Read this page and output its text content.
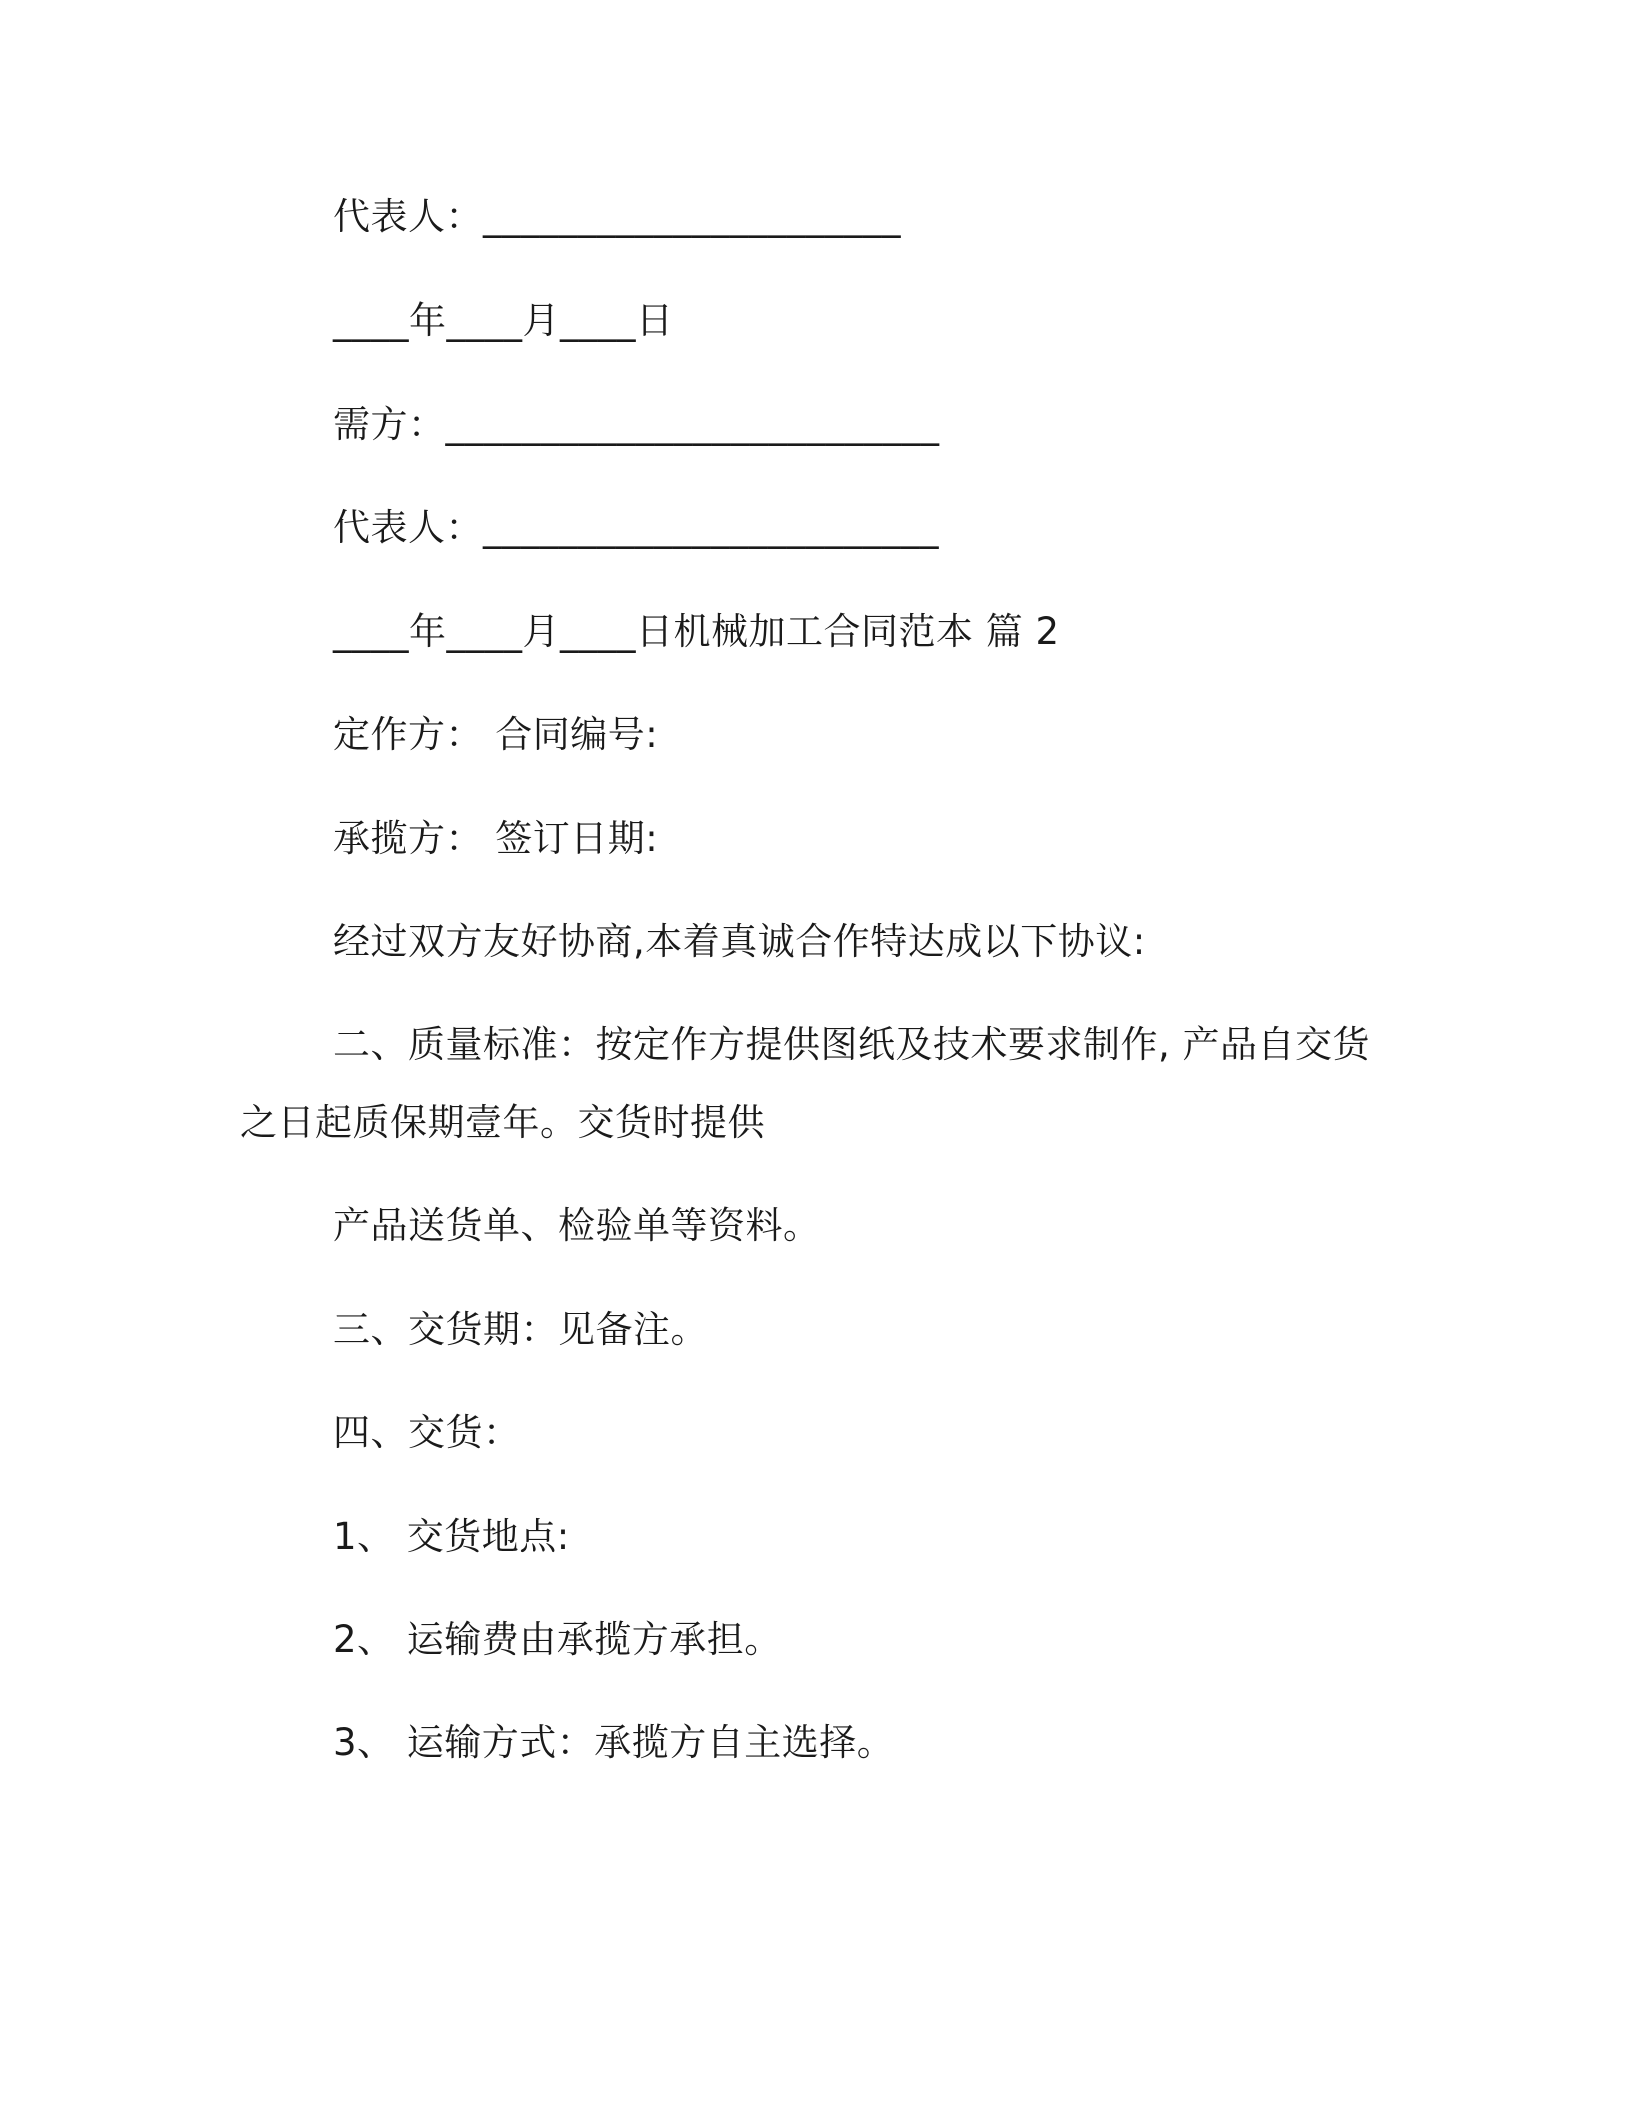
代表人：______________________
____年____月____日
需方：__________________________
代表人：________________________
____年____月____日机械加工合同范本 篇 2
定作方： 合同编号:
承揽方： 签订日期:
经过双方友好协商,本着真诚合作特达成以下协议:
二、质量标准：按定作方提供图纸及技术要求制作, 产品自交货
之日起质保期壹年。交货时提供
产品送货单、检验单等资料。
三、交货期：见备注。
四、交货：
1、 交货地点:
2、 运输费由承揽方承担。
3、 运输方式：承揽方自主选择。
